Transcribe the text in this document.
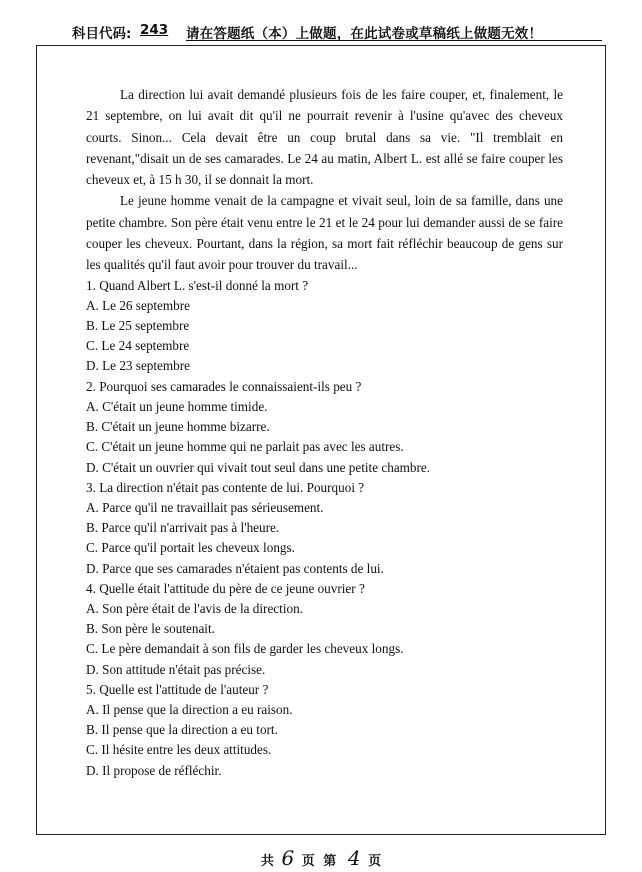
科目代码: 243 请在答题纸（本）上做题，在此试卷或草稿纸上做题无效！

La direction lui avait demandé plusieurs fois de les faire couper, et, finalement, le 21 septembre, on lui avait dit qu'il ne pourrait revenir à l'usine qu'avec des cheveux courts. Sinon... Cela devait être un coup brutal dans sa vie. "Il tremblait en revenant,"disait un de ses camarades. Le 24 au matin, Albert L. est allé se faire couper les cheveux et, à 15 h 30, il se donnait la mort.

Le jeune homme venait de la campagne et vivait seul, loin de sa famille, dans une petite chambre. Son père était venu entre le 21 et le 24 pour lui demander aussi de se faire couper les cheveux. Pourtant, dans la région, sa mort fait réfléchir beaucoup de gens sur les qualités qu'il faut avoir pour trouver du travail...

1. Quand Albert L. s'est-il donné la mort ?
A. Le 26 septembre
B. Le 25 septembre
C. Le 24 septembre
D. Le 23 septembre
2. Pourquoi ses camarades le connaissaient-ils peu ?
A. C'était un jeune homme timide.
B. C'était un jeune homme bizarre.
C. C'était un jeune homme qui ne parlait pas avec les autres.
D. C'était un ouvrier qui vivait tout seul dans une petite chambre.
3. La direction n'était pas contente de lui. Pourquoi ?
A. Parce qu'il ne travaillait pas sérieusement.
B. Parce qu'il n'arrivait pas à l'heure.
C. Parce qu'il portait les cheveux longs.
D. Parce que ses camarades n'étaient pas contents de lui.
4. Quelle était l'attitude du père de ce jeune ouvrier ?
A. Son père était de l'avis de la direction.
B. Son père le soutenait.
C. Le père demandait à son fils de garder les cheveux longs.
D. Son attitude n'était pas précise.
5. Quelle est l'attitude de l'auteur ?
A. Il pense que la direction a eu raison.
B. Il pense que la direction a eu tort.
C. Il hésite entre les deux attitudes.
D. Il propose de réfléchir.
共 6 页 第 4 页
